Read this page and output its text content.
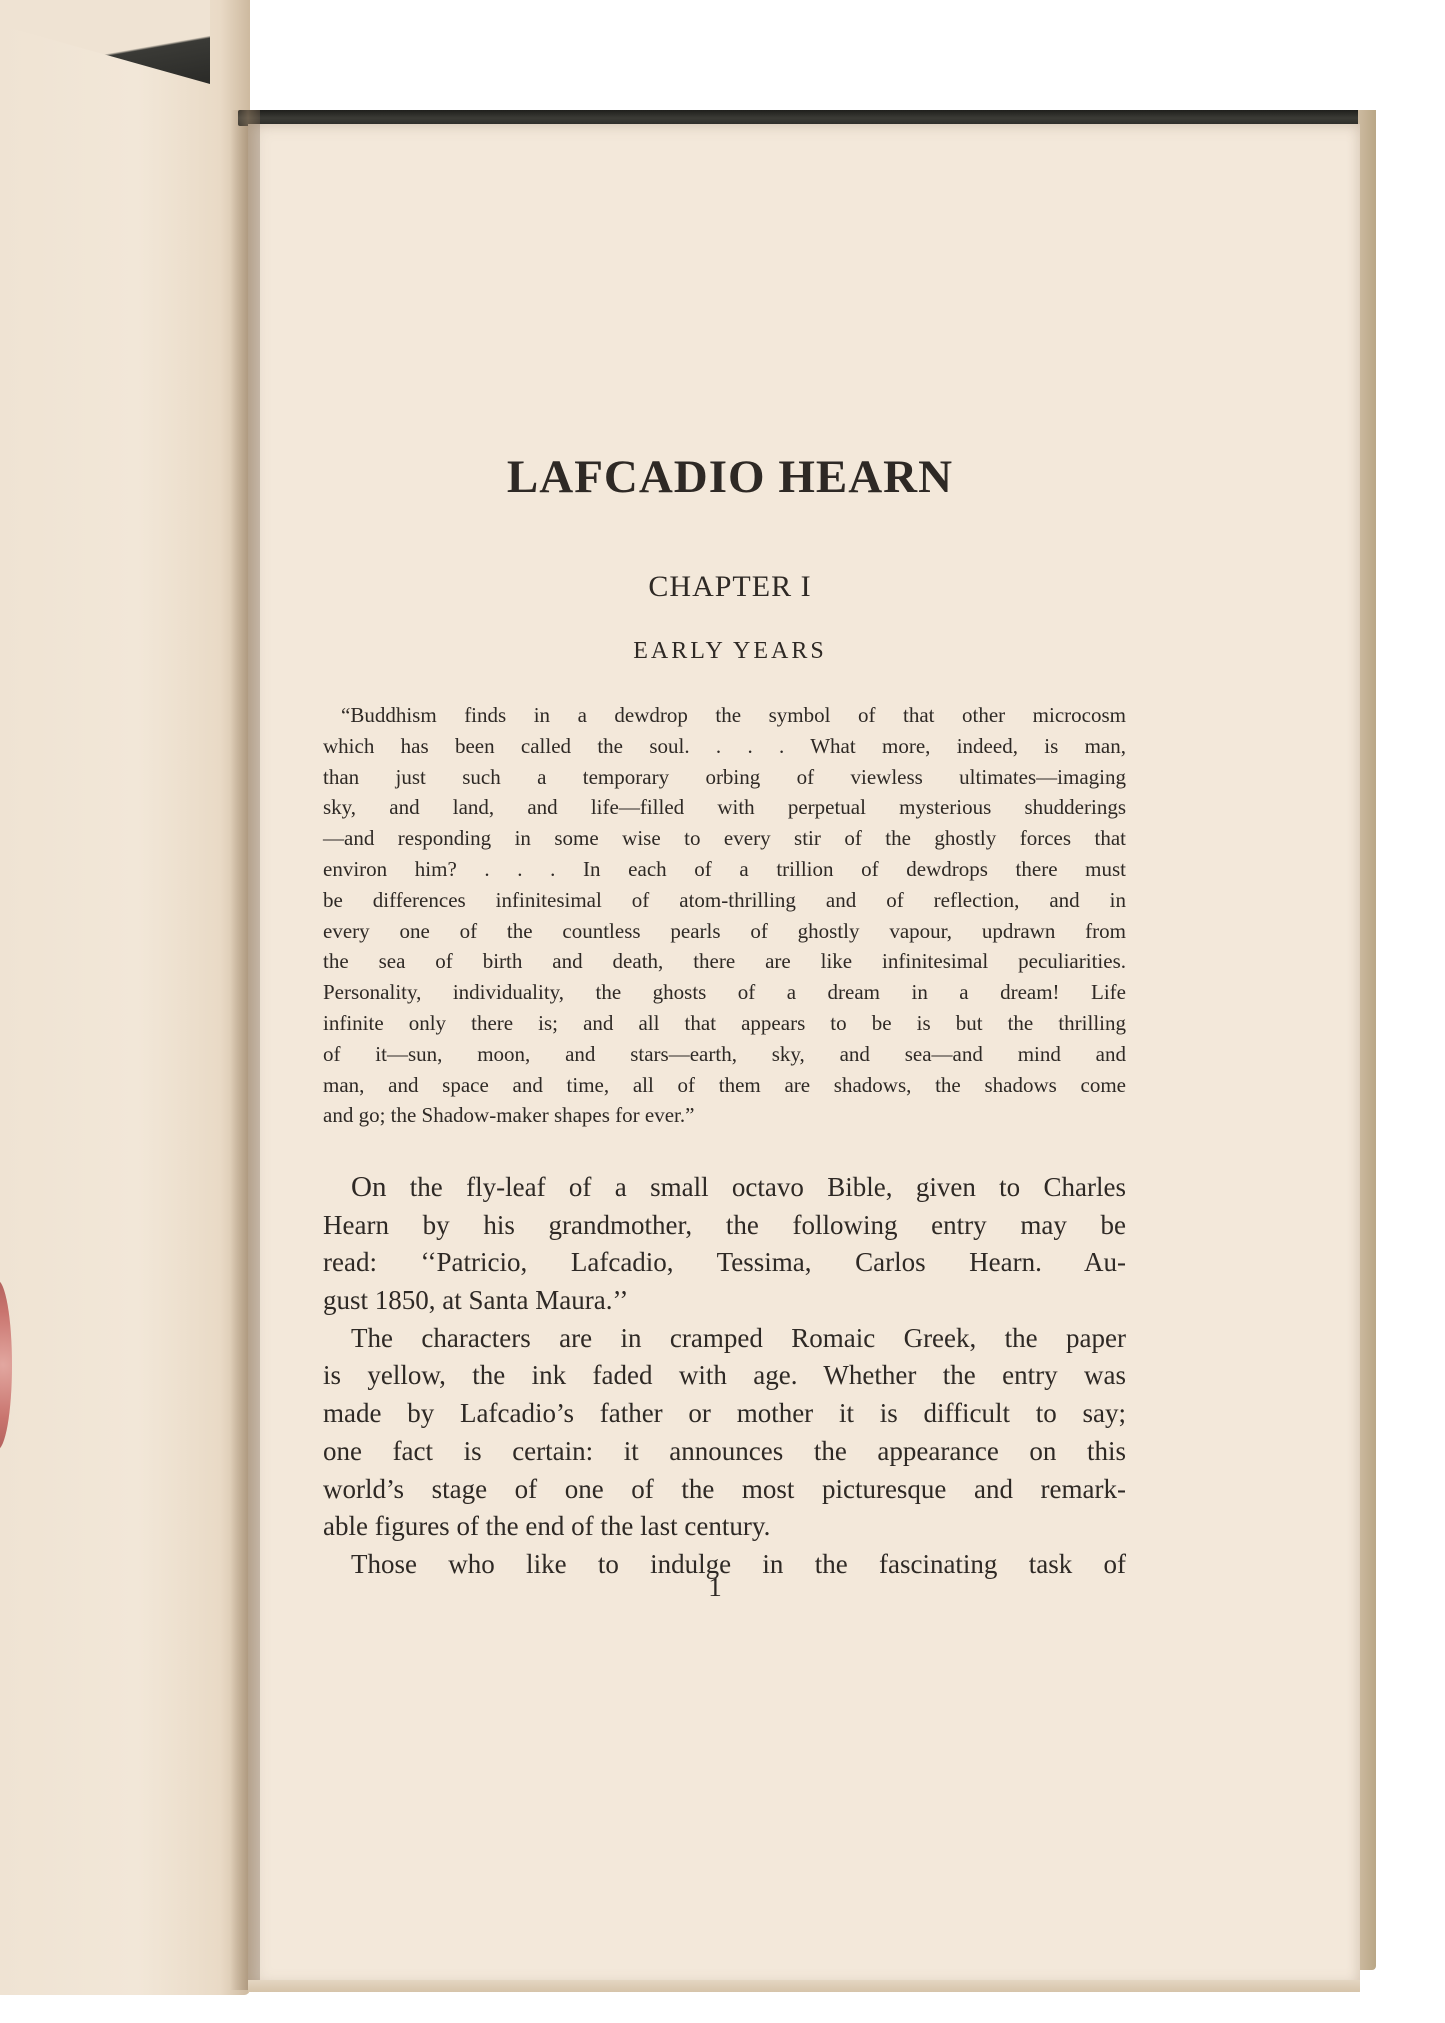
LAFCADIO HEARN
CHAPTER I
EARLY YEARS
“Buddhism finds in a dewdrop the symbol of that other microcosm
which has been called the soul. . . . What more, indeed, is man,
than just such a temporary orbing of viewless ultimates—imaging
sky, and land, and life—filled with perpetual mysterious shudderings
—and responding in some wise to every stir of the ghostly forces that
environ him? . . . In each of a trillion of dewdrops there must
be differences infinitesimal of atom-thrilling and of reflection, and in
every one of the countless pearls of ghostly vapour, updrawn from
the sea of birth and death, there are like infinitesimal peculiarities.
Personality, individuality, the ghosts of a dream in a dream! Life
infinite only there is; and all that appears to be is but the thrilling
of it—sun, moon, and stars—earth, sky, and sea—and mind and
man, and space and time, all of them are shadows, the shadows come
and go; the Shadow-maker shapes for ever.”
On the fly-leaf of a small octavo Bible, given to Charles
Hearn by his grandmother, the following entry may be
read: ‘‘Patricio, Lafcadio, Tessima, Carlos Hearn. Au-
gust 1850, at Santa Maura.’’
The characters are in cramped Romaic Greek, the paper
is yellow, the ink faded with age. Whether the entry was
made by Lafcadio’s father or mother it is difficult to say;
one fact is certain: it announces the appearance on this
world’s stage of one of the most picturesque and remark-
able figures of the end of the last century.
Those who like to indulge in the fascinating task of
1
